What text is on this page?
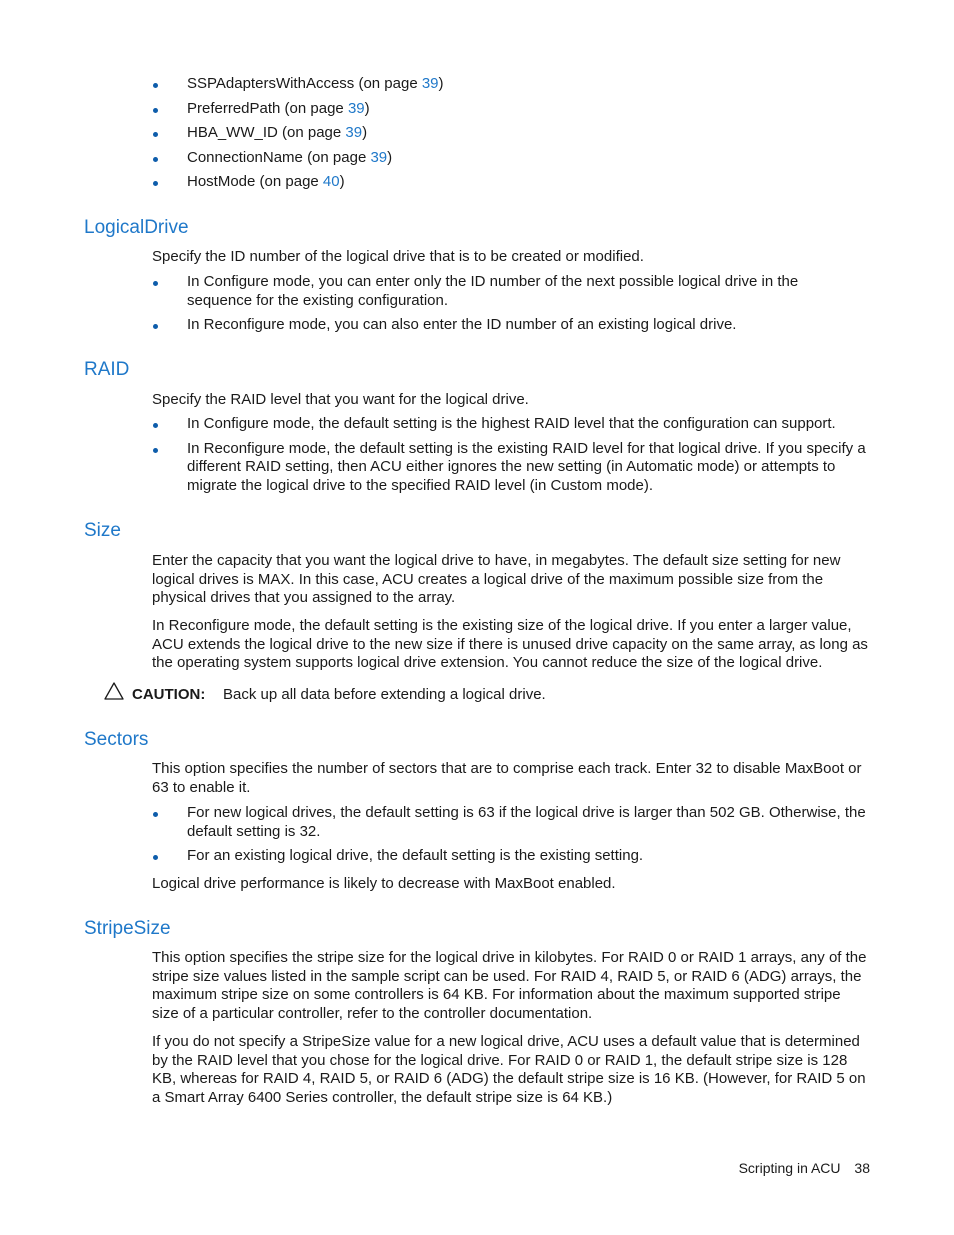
SSPAdaptersWithAccess (on page 39)
PreferredPath (on page 39)
HBA_WW_ID (on page 39)
ConnectionName (on page 39)
HostMode (on page 40)
LogicalDrive

Specify the ID number of the logical drive that is to be created or modified.

In Configure mode, you can enter only the ID number of the next possible logical drive in the sequence for the existing configuration.
In Reconfigure mode, you can also enter the ID number of an existing logical drive.
RAID

Specify the RAID level that you want for the logical drive.

In Configure mode, the default setting is the highest RAID level that the configuration can support.
In Reconfigure mode, the default setting is the existing RAID level for that logical drive. If you specify a different RAID setting, then ACU either ignores the new setting (in Automatic mode) or attempts to migrate the logical drive to the specified RAID level (in Custom mode).
Size

Enter the capacity that you want the logical drive to have, in megabytes. The default size setting for new logical drives is MAX. In this case, ACU creates a logical drive of the maximum possible size from the physical drives that you assigned to the array.

In Reconfigure mode, the default setting is the existing size of the logical drive. If you enter a larger value, ACU extends the logical drive to the new size if there is unused drive capacity on the same array, as long as the operating system supports logical drive extension. You cannot reduce the size of the logical drive.

CAUTION: Back up all data before extending a logical drive.
Sectors

This option specifies the number of sectors that are to comprise each track. Enter 32 to disable MaxBoot or 63 to enable it.

For new logical drives, the default setting is 63 if the logical drive is larger than 502 GB. Otherwise, the default setting is 32.
For an existing logical drive, the default setting is the existing setting.

Logical drive performance is likely to decrease with MaxBoot enabled.

StripeSize

This option specifies the stripe size for the logical drive in kilobytes. For RAID 0 or RAID 1 arrays, any of the stripe size values listed in the sample script can be used. For RAID 4, RAID 5, or RAID 6 (ADG) arrays, the maximum stripe size on some controllers is 64 KB. For information about the maximum supported stripe size of a particular controller, refer to the controller documentation.

If you do not specify a StripeSize value for a new logical drive, ACU uses a default value that is determined by the RAID level that you chose for the logical drive. For RAID 0 or RAID 1, the default stripe size is 128 KB, whereas for RAID 4, RAID 5, or RAID 6 (ADG) the default stripe size is 16 KB. (However, for RAID 5 on a Smart Array 6400 Series controller, the default stripe size is 64 KB.)

Scripting in ACU 38
